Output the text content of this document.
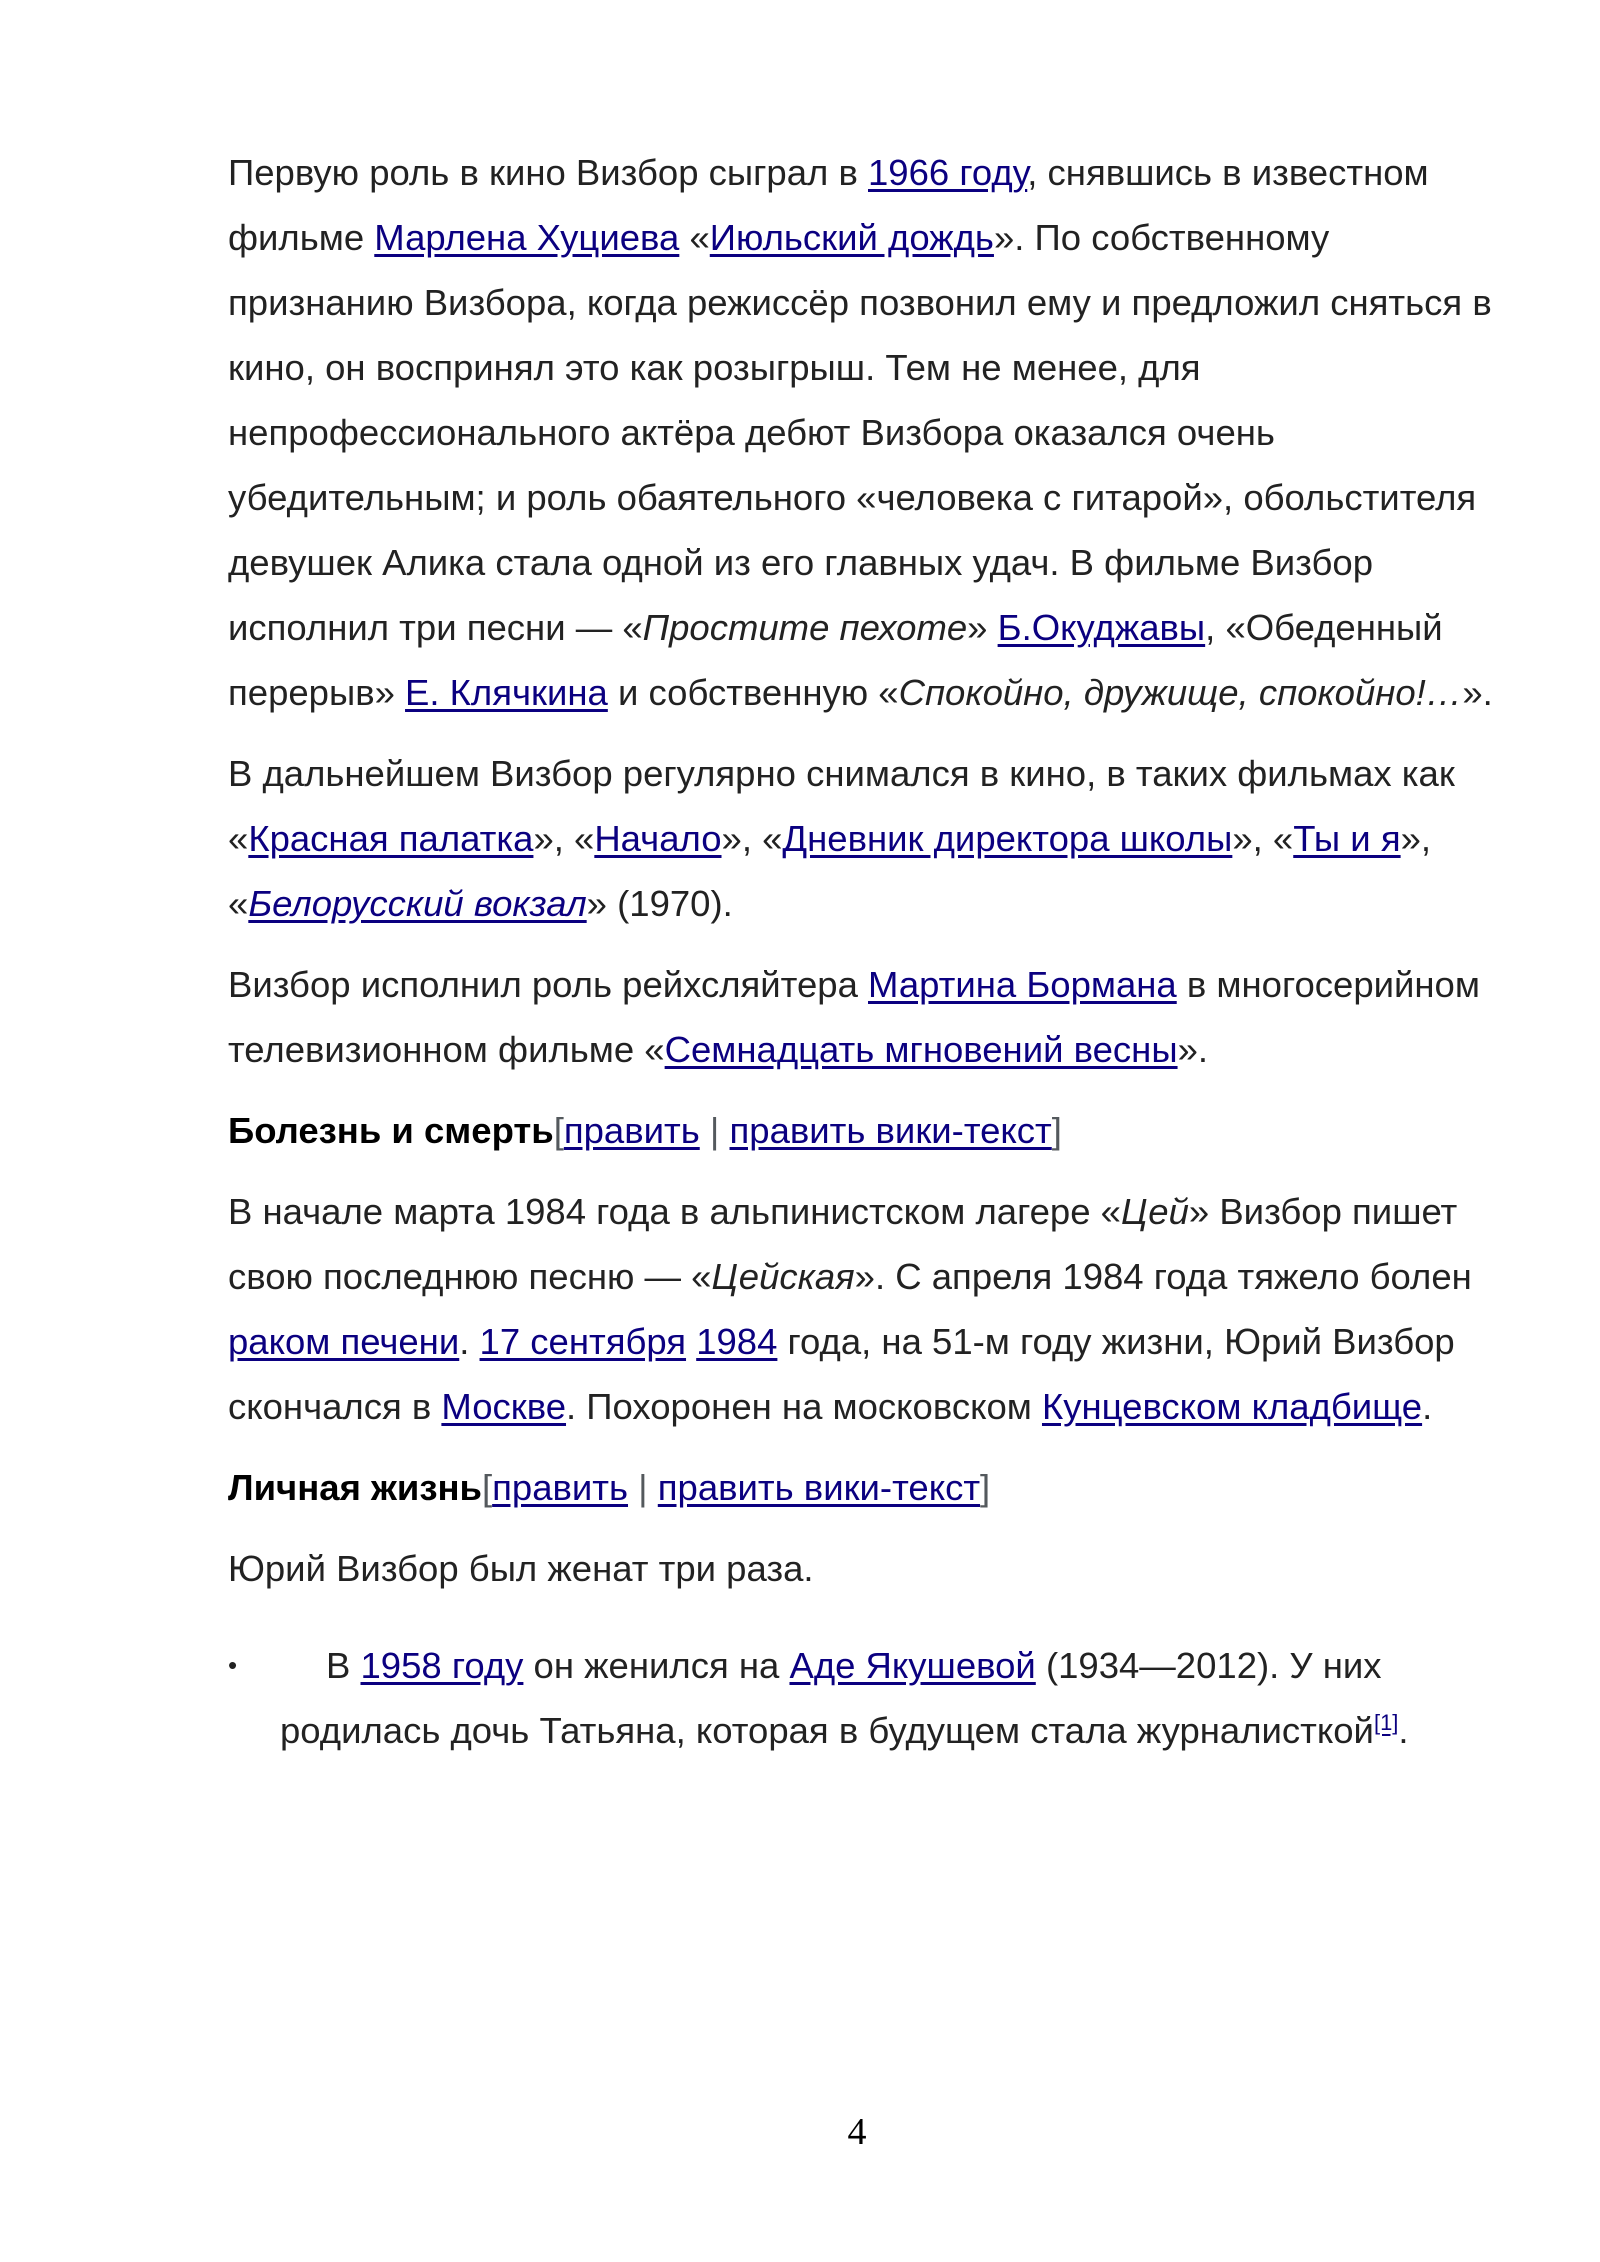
Первую роль в кино Визбор сыграл в 1966 году, снявшись в известном фильме Марлена Хуциева «Июльский дождь». По собственному признанию Визбора, когда режиссёр позвонил ему и предложил сняться в кино, он воспринял это как розыгрыш. Тем не менее, для непрофессионального актёра дебют Визбора оказался очень убедительным; и роль обаятельного «человека с гитарой», обольстителя девушек Алика стала одной из его главных удач. В фильме Визбор исполнил три песни — «Простите пехоте» Б.Окуджавы, «Обеденный перерыв» Е. Клячкина и собственную «Спокойно, дружище, спокойно!…».

В дальнейшем Визбор регулярно снимался в кино, в таких фильмах как «Красная палатка», «Начало», «Дневник директора школы», «Ты и я», «Белорусский вокзал» (1970).

Визбор исполнил роль рейхсляйтера Мартина Бормана в многосерийном телевизионном фильме «Семнадцать мгновений весны».

Болезнь и смерть[править | править вики-текст]

В начале марта 1984 года в альпинистском лагере «Цей» Визбор пишет свою последнюю песню — «Цейская». С апреля 1984 года тяжело болен раком печени. 17 сентября 1984 года, на 51-м году жизни, Юрий Визбор скончался в Москве. Похоронен на московском Кунцевском кладбище.

Личная жизнь[править | править вики-текст]

Юрий Визбор был женат три раза.

• В 1958 году он женился на Аде Якушевой (1934—2012). У них родилась дочь Татьяна, которая в будущем стала журналисткой[1].
4
